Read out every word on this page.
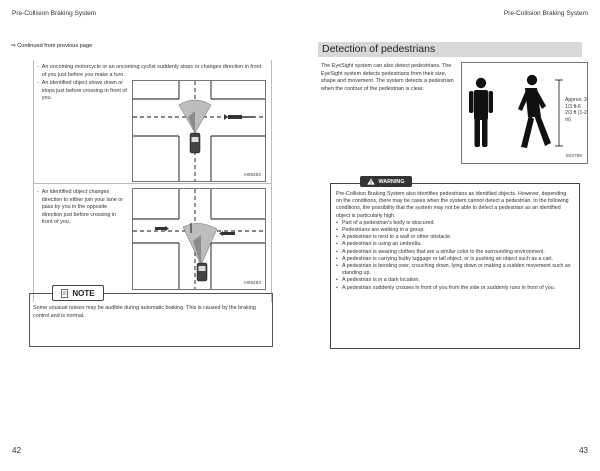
Pre-Collision Braking System	Pre-Collision Braking System
⇒ Continued from previous page
- An oncoming motorcycle or an oncoming cyclist suddenly stops or changes direction in front of you just before you make a turn.

- An identified object slows down or stops just before crossing in front of you.

H08492
- An identified object changes direction to either join your lane or pass by you in the opposite direction just before crossing in front of you.

H08493
NOTE
Some unusual noises may be audible during automatic braking. This is caused by the braking control and is normal.
Detection of pedestrians
The EyeSight system can also detect pedestrians. The EyeSight system detects pedestrians from their size, shape and movement. The system detects a pedestrian when the contour of the pedestrian is clear.
Approx. 3 1/3 ft-6 2/3 ft (1-2 m)
S02796
WARNING
Pre-Collision Braking System also identifies pedestrians as identified objects. However, depending on the conditions, there may be cases when the system cannot detect a pedestrian. In the following conditions, the possibility that the system may not be able to detect a pedestrian as an identified object is particularly high.
• Part of a pedestrian's body is obscured.
• Pedestrians are walking in a group.
• A pedestrian is next to a wall or other obstacle.
• A pedestrian is using an umbrella.
• A pedestrian is wearing clothes that are a similar color to the surrounding environment.
• A pedestrian is carrying bulky luggage or tall object, or is pushing an object such as a cart.
• A pedestrian is bending over, crouching down, lying down or making a sudden movement such as standing up.
• A pedestrian is in a dark location.
• A pedestrian suddenly crosses in front of you from the side or suddenly runs in front of you.
42	43
